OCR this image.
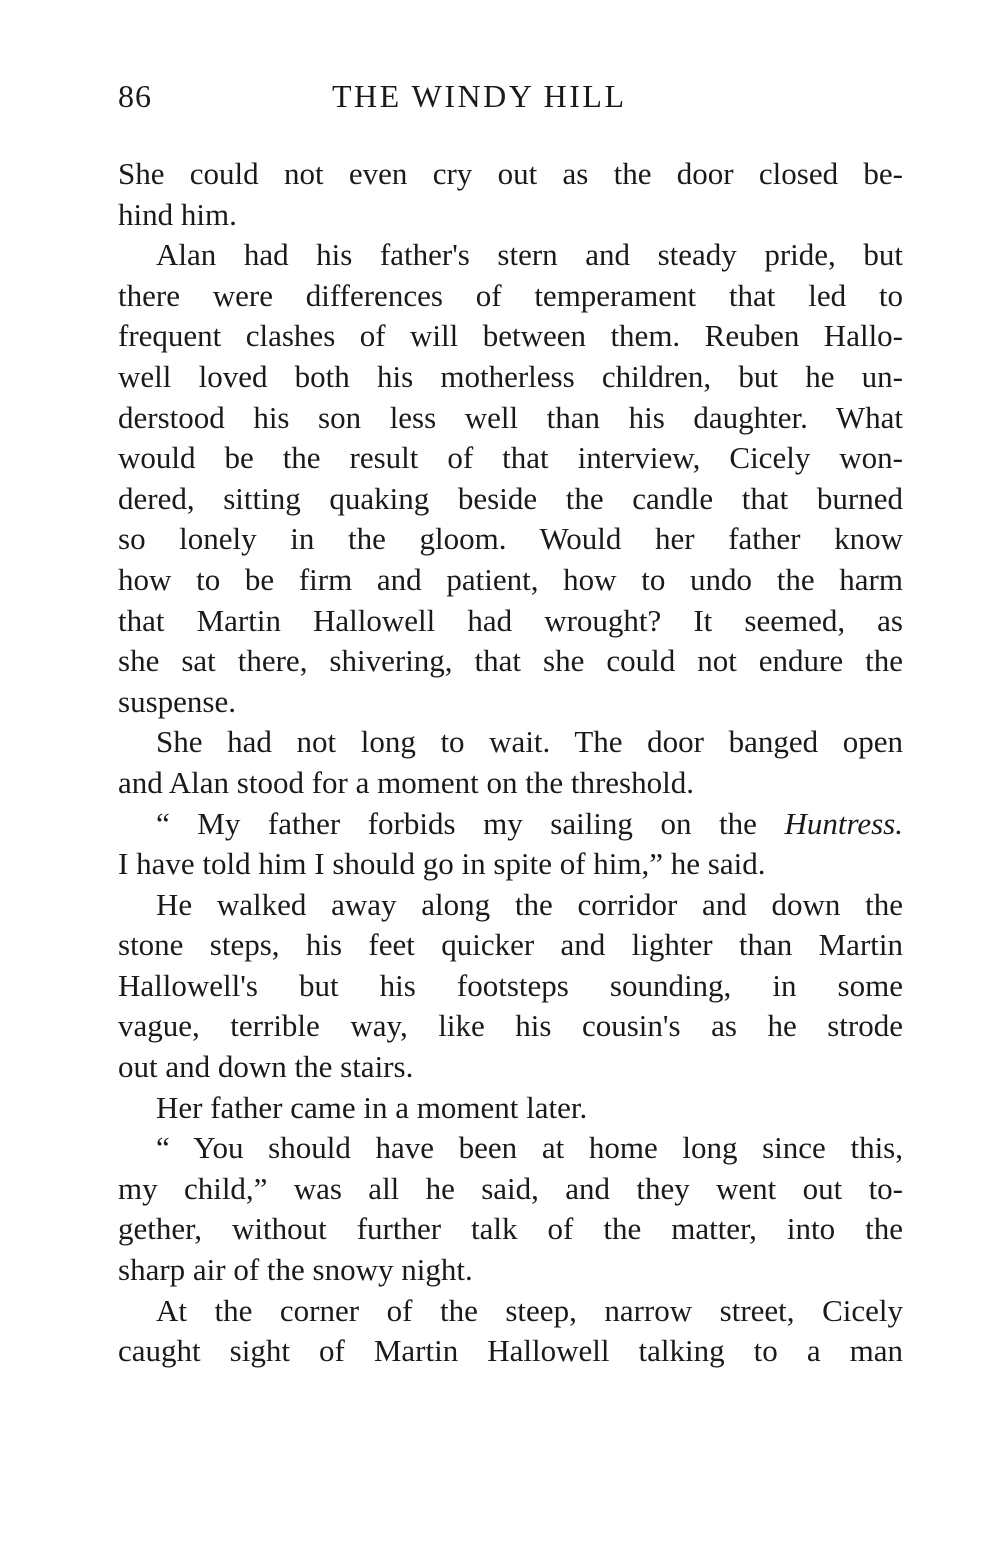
86	THE WINDY HILL
She could not even cry out as the door closed be-
hind him.
Alan had his father's stern and steady pride, but
there were differences of temperament that led to
frequent clashes of will between them. Reuben Hallo-
well loved both his motherless children, but he un-
derstood his son less well than his daughter. What
would be the result of that interview, Cicely won-
dered, sitting quaking beside the candle that burned
so lonely in the gloom. Would her father know
how to be firm and patient, how to undo the harm
that Martin Hallowell had wrought? It seemed, as
she sat there, shivering, that she could not endure the
suspense.
She had not long to wait. The door banged open
and Alan stood for a moment on the threshold.
“ My father forbids my sailing on the Huntress.
I have told him I should go in spite of him,” he said.
He walked away along the corridor and down the
stone steps, his feet quicker and lighter than Martin
Hallowell's but his footsteps sounding, in some
vague, terrible way, like his cousin's as he strode
out and down the stairs.
Her father came in a moment later.
“ You should have been at home long since this,
my child,” was all he said, and they went out to-
gether, without further talk of the matter, into the
sharp air of the snowy night.
At the corner of the steep, narrow street, Cicely
caught sight of Martin Hallowell talking to a man
